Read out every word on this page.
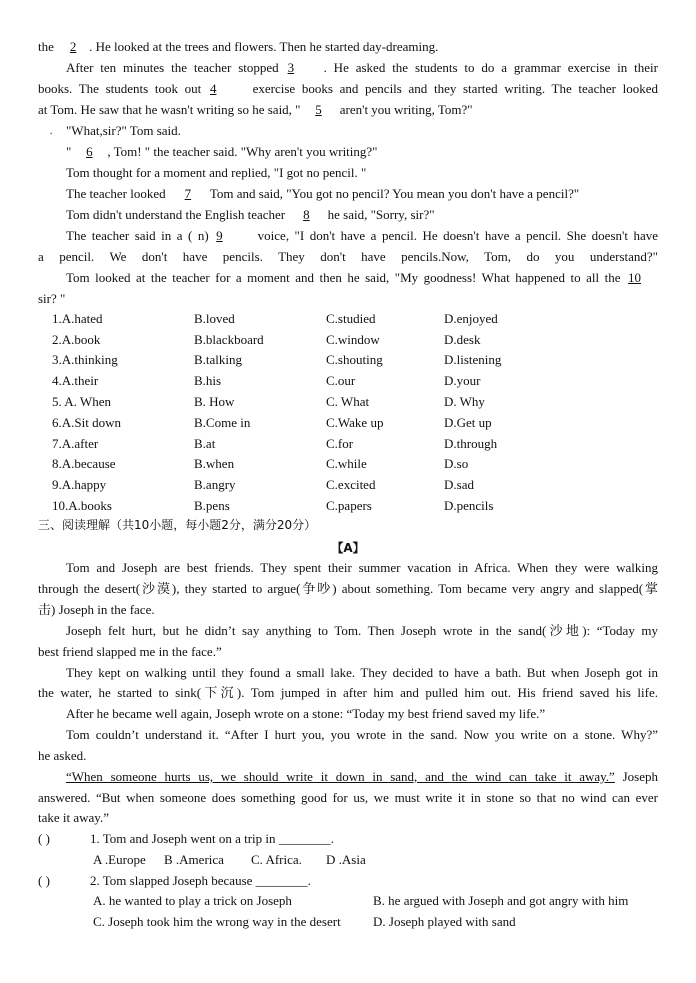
the 2 . He looked at the trees and flowers. Then he started day-dreaming.
After ten minutes the teacher stopped 3 . He asked the students to do a grammar exercise in their
books. The students took out 4 exercise books and pencils and they started writing. The teacher looked
at Tom. He saw that he wasn't writing so he said, " 5 aren't you writing, Tom?"
• "What,sir?" Tom said.
" 6 , Tom! " the teacher said. "Why aren't you writing?"
Tom thought for a moment and replied, "I got no pencil. "
The teacher looked 7 Tom and said, "You got no pencil? You mean you don't have a pencil?"
Tom didn't understand the English teacher 8 he said, "Sorry, sir?"
The teacher said in a ( n) 9 voice, "I don't have a pencil. He doesn't have a pencil. She doesn't have
a pencil. We don't have pencils. They don't have pencils.Now, Tom, do you understand?"
Tom looked at the teacher for a moment and then he said, "My goodness! What happened to all the 10
sir? "
1.A.hated	B.loved	C.studied	D.enjoyed
2.A.book	B.blackboard	C.window	D.desk
3.A.thinking	B.talking	C.shouting	D.listening
4.A.their	B.his	C.our	D.your
5. A. When	B. How	C. What	D. Why
6.A.Sit down	B.Come in	C.Wake up	D.Get up
7.A.after	B.at	C.for	D.through
8.A.because	B.when	C.while	D.so
9.A.happy	B.angry	C.excited	D.sad
10.A.books	B.pens	C.papers	D.pencils
三、阅读理解（共10小题，每小题2分，满分20分）
【A】
Tom and Joseph are best friends. They spent their summer vacation in Africa. When they were walking
through the desert(沙漠), they started to argue(争吵) about something. Tom became very angry and slapped(掌
击) Joseph in the face.
Joseph felt hurt, but he didn’t say anything to Tom. Then Joseph wrote in the sand(沙地): “Today my
best friend slapped me in the face.”
They kept on walking until they found a small lake. They decided to have a bath. But when Joseph got in
the water, he started to sink(下沉). Tom jumped in after him and pulled him out. His friend saved his life.
After he became well again, Joseph wrote on a stone: “Today my best friend saved my life.”
Tom couldn’t understand it. “After I hurt you, you wrote in the sand. Now you write on a stone. Why?”
he asked.
“When someone hurts us, we should write it down in sand, and the wind can take it away.” Joseph
answered. “But when someone does something good for us, we must write it in stone so that no wind can ever
take it away.”
( )	1. Tom and Joseph went on a trip in ________.
A .Europe B .America C. Africa. D .Asia
( )	2. Tom slapped Joseph because ________.
A. he wanted to play a trick on Joseph	B. he argued with Joseph and got angry with him
C. Joseph took him the wrong way in the desert D. Joseph played with sand
